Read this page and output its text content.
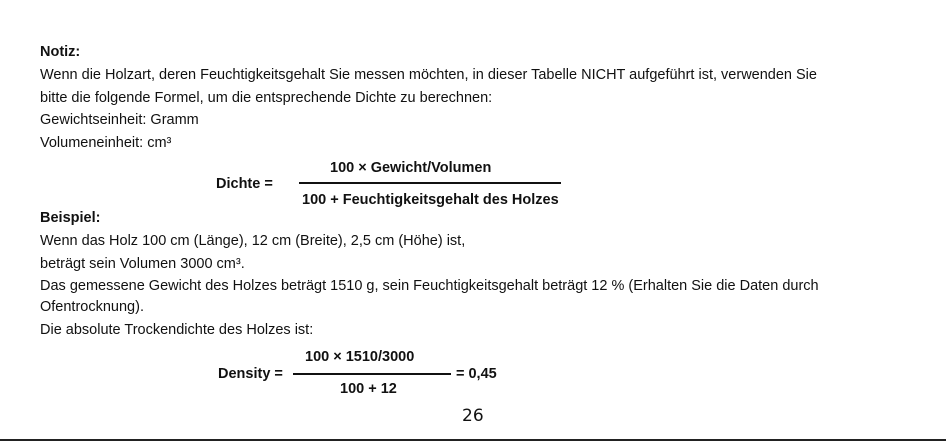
Notiz:
Wenn die Holzart, deren Feuchtigkeitsgehalt Sie messen möchten, in dieser Tabelle NICHT aufgeführt ist, verwenden Sie
bitte die folgende Formel, um die entsprechende Dichte zu berechnen:
Gewichtseinheit: Gramm
Volumeneinheit: cm³
Dichte =
100 × Gewicht/Volumen
100 + Feuchtigkeitsgehalt des Holzes
Beispiel:
Wenn das Holz 100 cm (Länge), 12 cm (Breite), 2,5 cm (Höhe) ist,
beträgt sein Volumen 3000 cm³.
Das gemessene Gewicht des Holzes beträgt 1510 g, sein Feuchtigkeitsgehalt beträgt 12 % (Erhalten Sie die Daten durch
Ofentrocknung).
Die absolute Trockendichte des Holzes ist:
Density =
100 × 1510/3000
100 + 12
= 0,45
26
